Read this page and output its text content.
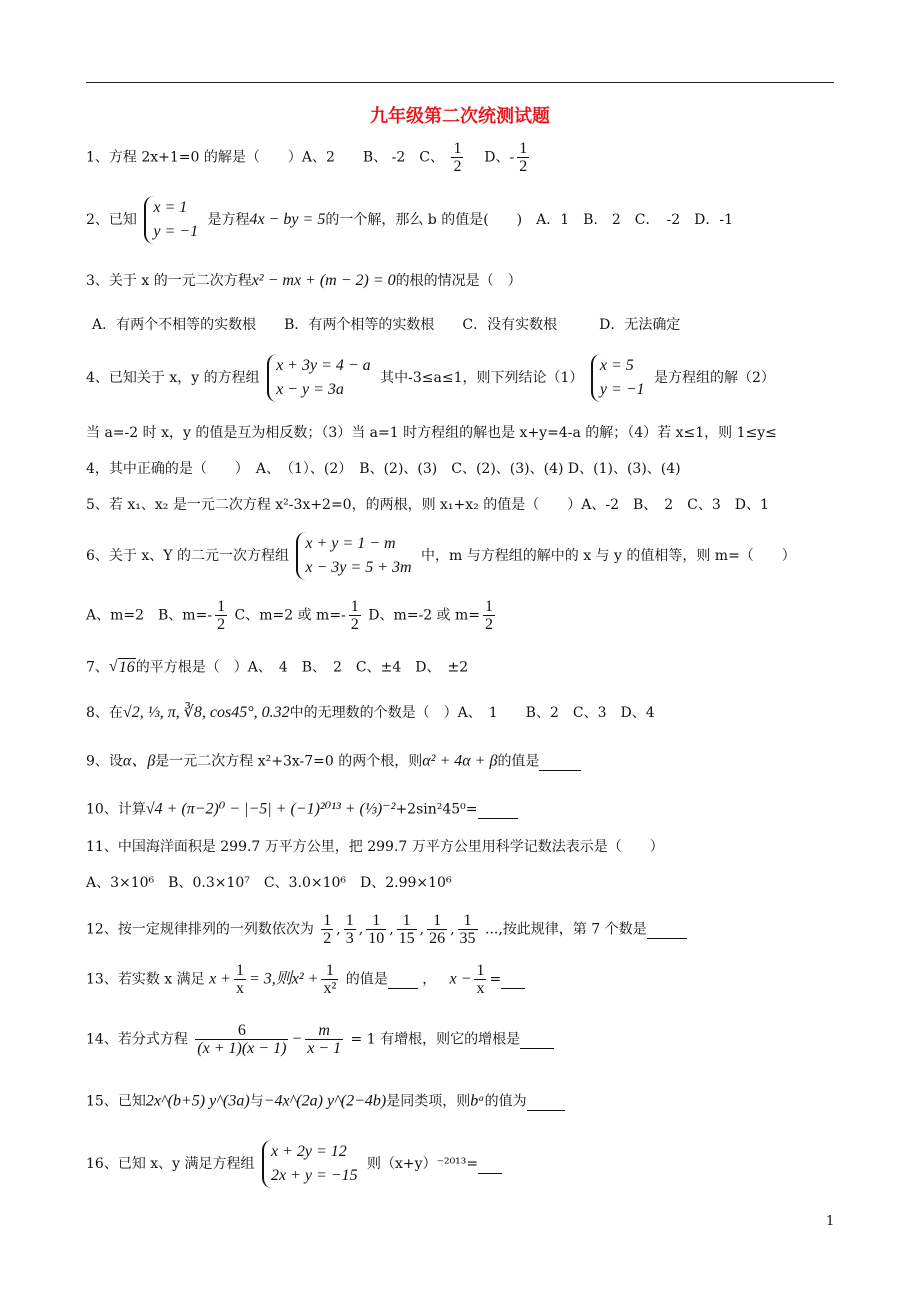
九年级第二次统测试题
1、方程 2x+1=0 的解是（　　）A、2　　B、 -2　C、 $\frac{1}{2}$ D、- $\frac{1}{2}$
2、已知
x = 1
y = −1
是方程4x − by = 5的一个解，那么 b 的值是(　　)　A．1　B.　2　C．　-2　D．-1
3、关于 x 的一元二次方程x² − mx + (m − 2) = 0的根的情况是（　）
A．有两个不相等的实数根　　B．有两个相等的实数根　　C．没有实数根　　　D．无法确定
4、已知关于 x，y 的方程组
x + 3y = 4 − a
x − y = 3a
其中-3≤a≤1，则下列结论（1）
x = 5
y = −1
是方程组的解（2）
当 a=-2 时 x，y 的值是互为相反数；（3）当 a=1 时方程组的解也是 x+y=4-a 的解；（4）若 x≤1，则 1≤y≤
4，其中正确的是（　　）　A、　（1）、(2）　B、(2)、(3)　C、(2)、(3)、(4) D、(1)、(3)、(4)
5、若 x₁、x₂ 是一元二次方程 x²-3x+2=0，的两根，则 x₁+x₂ 的值是（　　）A、-2　B、　2　C、3　D、1
6、关于 x、Y 的二元一次方程组
x + y = 1 − m
x − 3y = 5 + 3m
中，m 与方程组的解中的 x 与 y 的值相等，则 m=（　　）
A、m=2　B、$m=- \frac{1}{2}$ C、m=2 或 $m=- \frac{1}{2}$ D、m=-2 或 $m= \frac{1}{2}$
7、√16的平方根是（　）A、　4　B、　2　C、±4　D、　±2
8、在√2, ⅓, π, ∛8, cos45°, 0.3̇2̇中的无理数的个数是（　）A、　1　　B、2　C、3　D、4
9、设α、β是一元二次方程 x²+3x-7=0 的两个根，则α² + 4α + β的值是
10、计算√4 + (π−2)⁰ − |−5| + (−1)²⁰¹³ + (⅓)⁻²+2sin²45⁰=
11、中国海洋面积是 299.7 万平方公里，把 299.7 万平方公里用科学记数法表示是（　　）
A、3×10⁶　B、0.3×10⁷　C、3.0×10⁶　D、2.99×10⁶
12、按一定规律排列的一列数依次为 $\frac{1}{2}$ , $\frac{1}{3}$ , $\frac{1}{10}$ , $\frac{1}{15}$ , $\frac{1}{26}$ , $\frac{1}{35}$ ...,按此规律，第 7 个数是
13、若实数 x 满足 $x + \frac{1}{x} = 3$,则$x^2 + \frac{1}{\text{x²}}$ 的值是 ，   $x - \frac{1}{x}$ =
14、若分式方程 $\frac{6}{(x + 1)(x - 1)} - \frac{m}{x - 1} = 1$ 有增根，则它的增根是
15、已知2x^(b+5) y^(3a)与−4x^(2a) y^(2−4b)是同类项，则bᵃ的值为
16、已知 x、y 满足方程组
x + 2y = 12
2x + y = −15
则（x+y）⁻²⁰¹³=
1
